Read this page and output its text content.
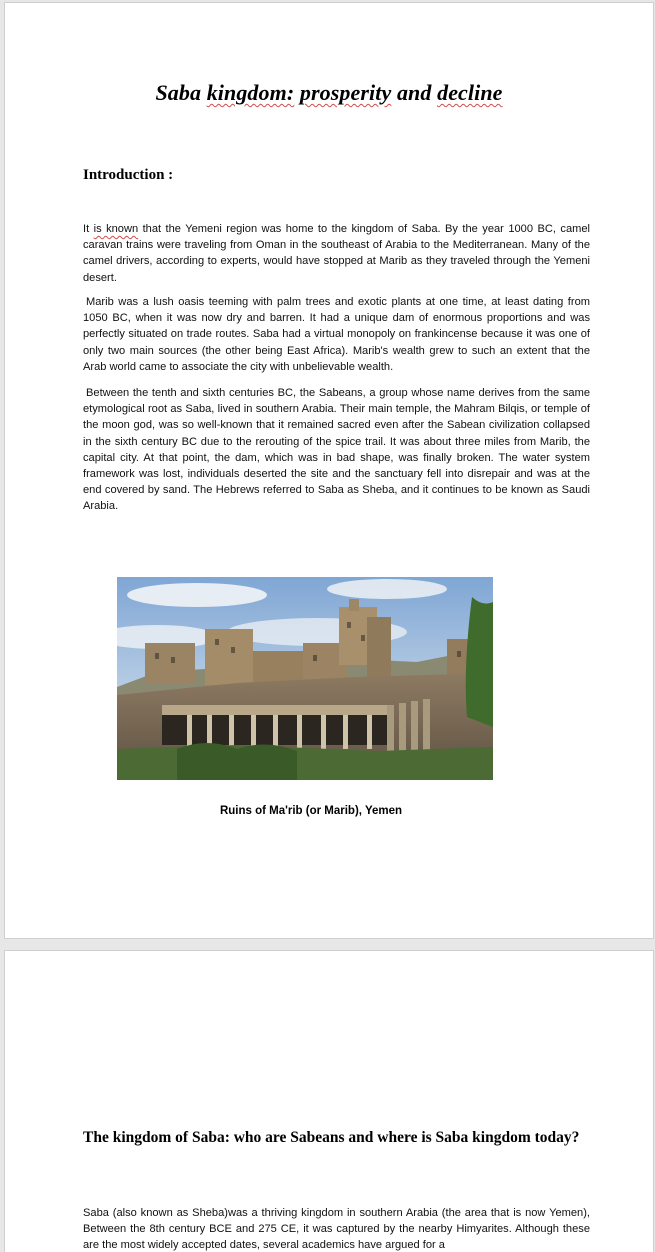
Saba kingdom: prosperity and decline
Introduction :

It is known that the Yemeni region was home to the kingdom of Saba. By the year 1000 BC, camel caravan trains were traveling from Oman in the southeast of Arabia to the Mediterranean. Many of the camel drivers, according to experts, would have stopped at Marib as they traveled through the Yemeni desert.

Marib was a lush oasis teeming with palm trees and exotic plants at one time, at least dating from 1050 BC, when it was now dry and barren. It had a unique dam of enormous proportions and was perfectly situated on trade routes. Saba had a virtual monopoly on frankincense because it was one of only two main sources (the other being East Africa). Marib's wealth grew to such an extent that the Arab world came to associate the city with unbelievable wealth.

Between the tenth and sixth centuries BC, the Sabeans, a group whose name derives from the same etymological root as Saba, lived in southern Arabia. Their main temple, the Mahram Bilqis, or temple of the moon god, was so well-known that it remained sacred even after the Sabean civilization collapsed in the sixth century BC due to the rerouting of the spice trail. It was about three miles from Marib, the capital city. At that point, the dam, which was in bad shape, was finally broken. The water system framework was lost, individuals deserted the site and the sanctuary fell into disrepair and was at the end covered by sand. The Hebrews referred to Saba as Sheba, and it continues to be known as Saudi Arabia.

Ruins of Ma'rib (or Marib), Yemen
The kingdom of Saba: who are Sabeans and where is Saba kingdom today?

Saba (also known as Sheba)was a thriving kingdom in southern Arabia (the area that is now Yemen), Between the 8th century BCE and 275 CE, it was captured by the nearby Himyarites. Although these are the most widely accepted dates, several academics have argued for a
